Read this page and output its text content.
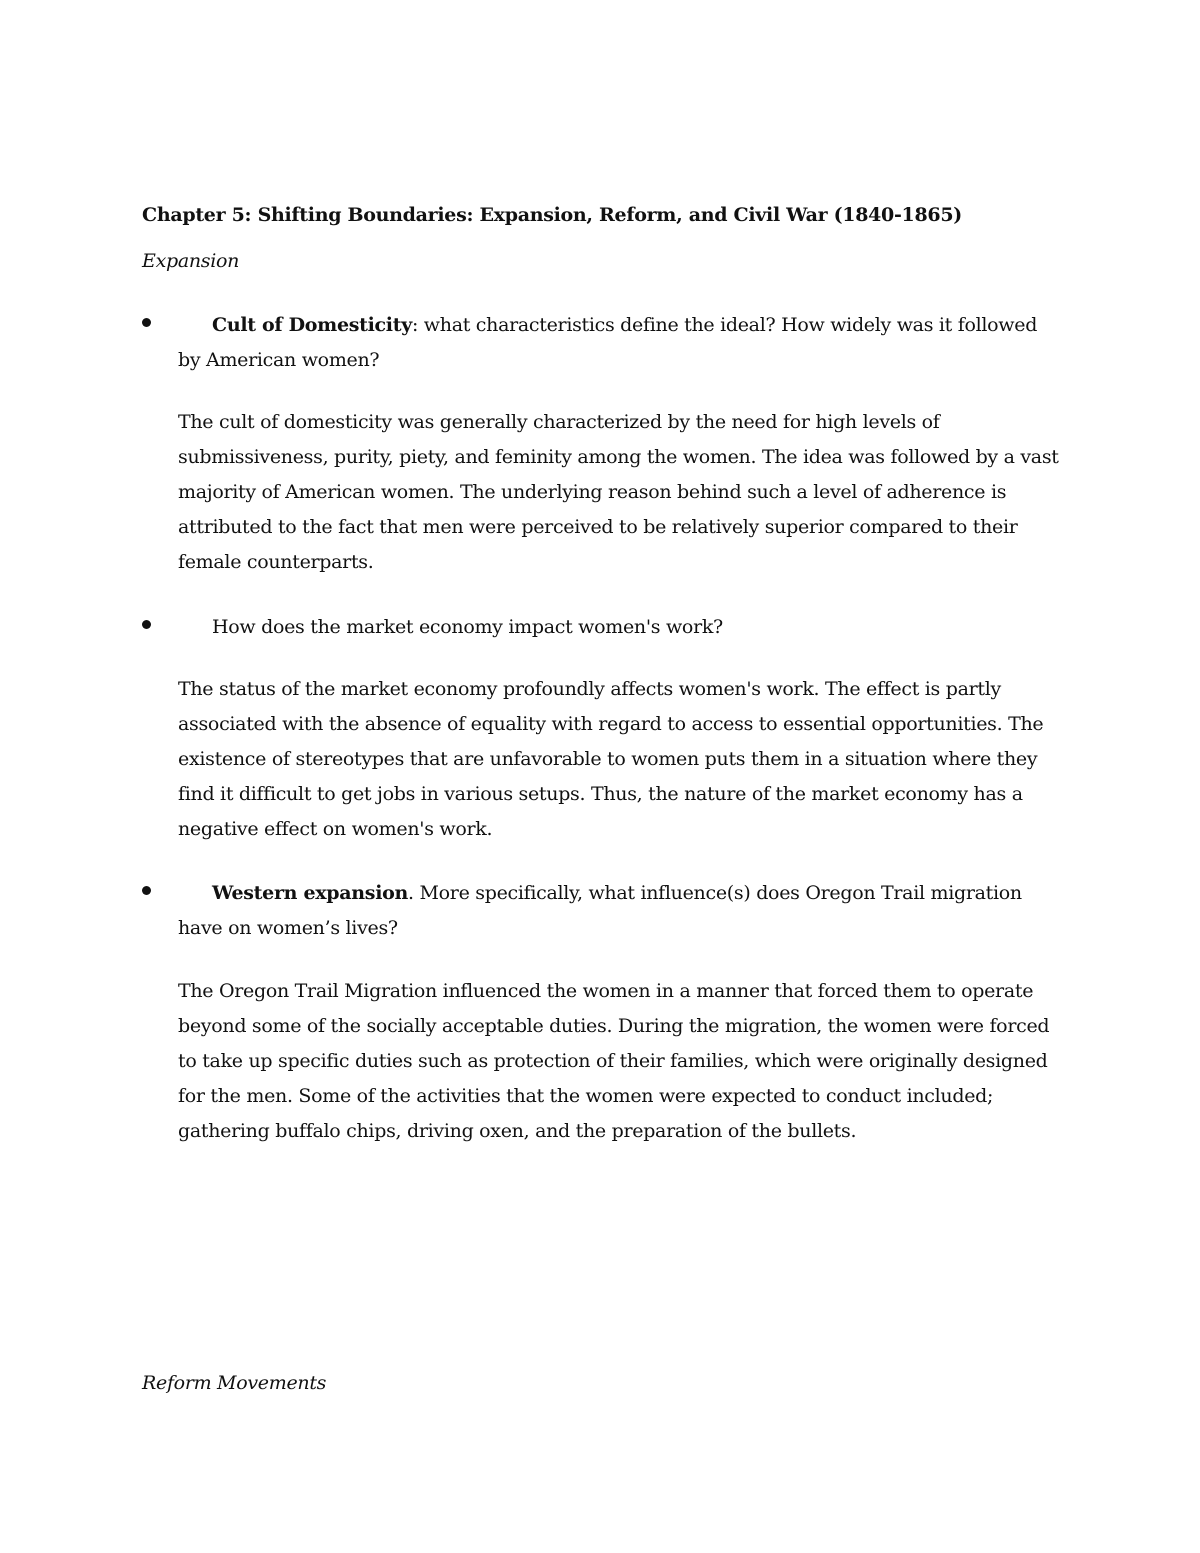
Chapter 5: Shifting Boundaries: Expansion, Reform, and Civil War (1840-1865)

Expansion

Cult of Domesticity: what characteristics define the ideal? How widely was it followed by American women?

The cult of domesticity was generally characterized by the need for high levels of submissiveness, purity, piety, and feminity among the women. The idea was followed by a vast majority of American women. The underlying reason behind such a level of adherence is attributed to the fact that men were perceived to be relatively superior compared to their female counterparts.

How does the market economy impact women's work?

The status of the market economy profoundly affects women's work. The effect is partly associated with the absence of equality with regard to access to essential opportunities. The existence of stereotypes that are unfavorable to women puts them in a situation where they find it difficult to get jobs in various setups. Thus, the nature of the market economy has a negative effect on women's work.

Western expansion. More specifically, what influence(s) does Oregon Trail migration have on women’s lives?

The Oregon Trail Migration influenced the women in a manner that forced them to operate beyond some of the socially acceptable duties. During the migration, the women were forced to take up specific duties such as protection of their families, which were originally designed for the men. Some of the activities that the women were expected to conduct included; gathering buffalo chips, driving oxen, and the preparation of the bullets.

Reform Movements
